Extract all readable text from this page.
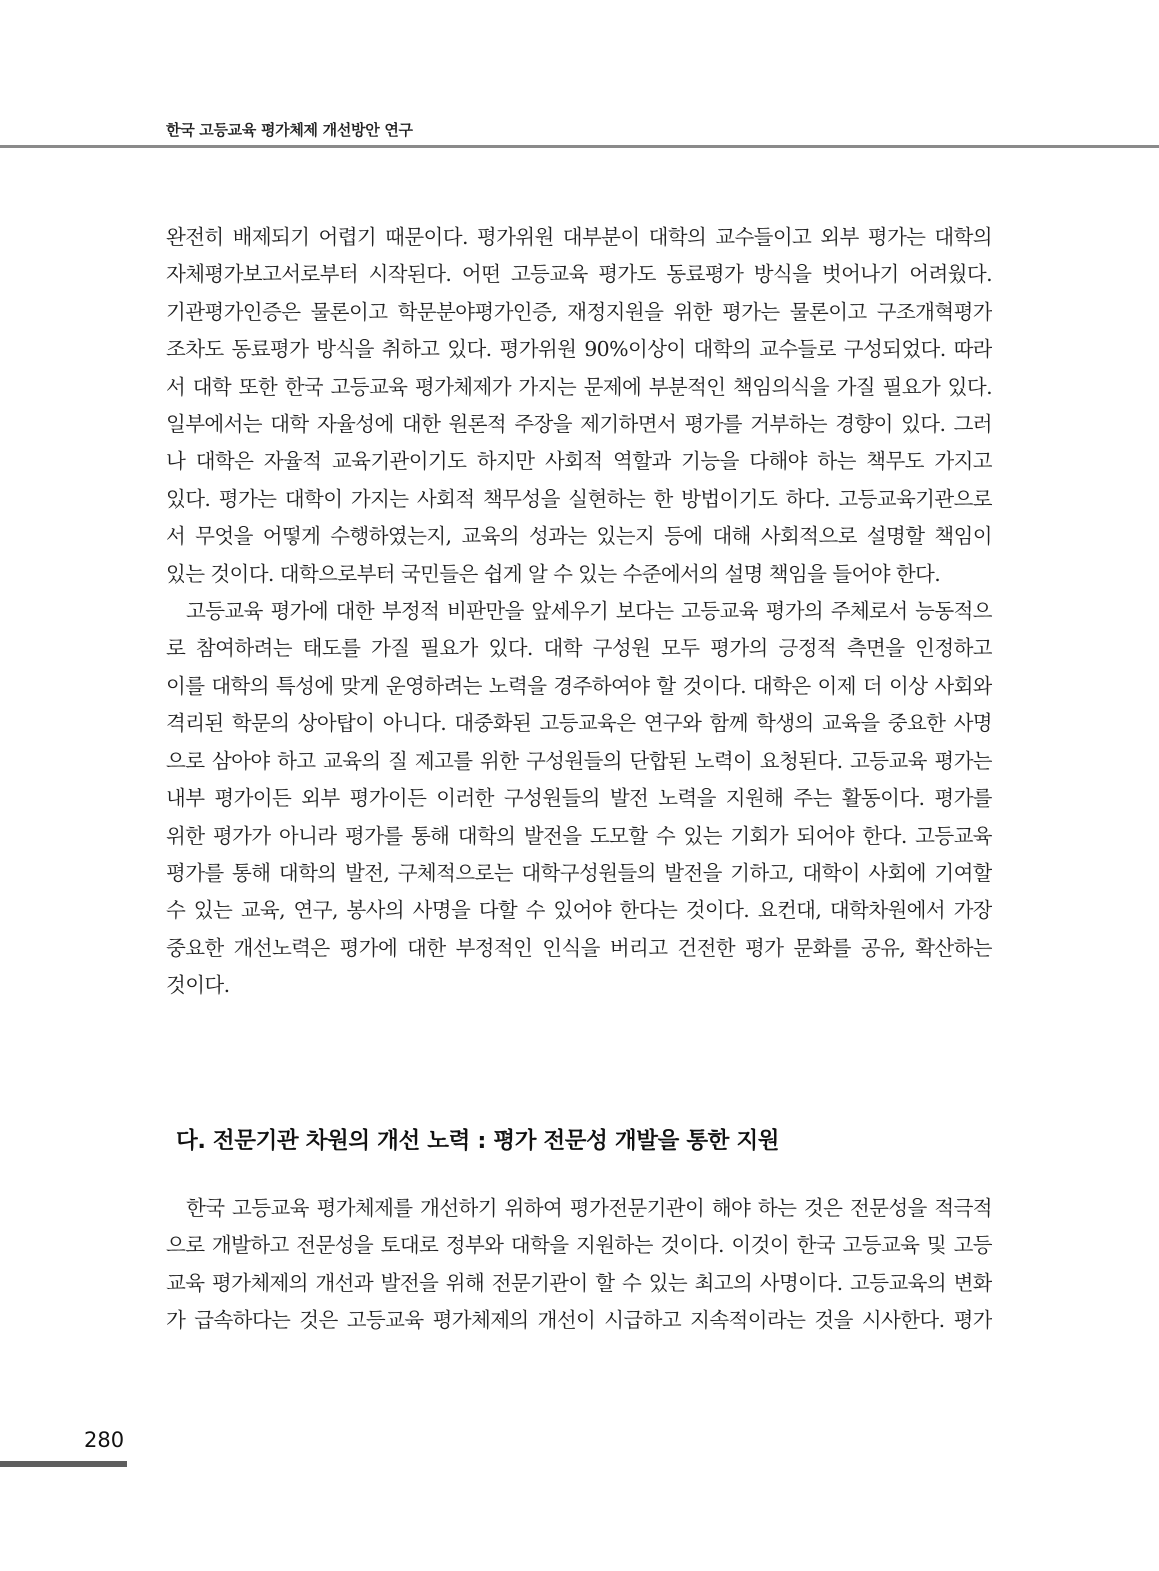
한국 고등교육 평가체제 개선방안 연구
완전히 배제되기 어렵기 때문이다. 평가위원 대부분이 대학의 교수들이고 외부 평가는 대학의
자체평가보고서로부터 시작된다. 어떤 고등교육 평가도 동료평가 방식을 벗어나기 어려웠다.
기관평가인증은 물론이고 학문분야평가인증, 재정지원을 위한 평가는 물론이고 구조개혁평가
조차도 동료평가 방식을 취하고 있다. 평가위원 90%이상이 대학의 교수들로 구성되었다. 따라
서 대학 또한 한국 고등교육 평가체제가 가지는 문제에 부분적인 책임의식을 가질 필요가 있다.
일부에서는 대학 자율성에 대한 원론적 주장을 제기하면서 평가를 거부하는 경향이 있다. 그러
나 대학은 자율적 교육기관이기도 하지만 사회적 역할과 기능을 다해야 하는 책무도 가지고
있다. 평가는 대학이 가지는 사회적 책무성을 실현하는 한 방법이기도 하다. 고등교육기관으로
서 무엇을 어떻게 수행하였는지, 교육의 성과는 있는지 등에 대해 사회적으로 설명할 책임이
있는 것이다. 대학으로부터 국민들은 쉽게 알 수 있는 수준에서의 설명 책임을 들어야 한다.
고등교육 평가에 대한 부정적 비판만을 앞세우기 보다는 고등교육 평가의 주체로서 능동적으
로 참여하려는 태도를 가질 필요가 있다. 대학 구성원 모두 평가의 긍정적 측면을 인정하고
이를 대학의 특성에 맞게 운영하려는 노력을 경주하여야 할 것이다. 대학은 이제 더 이상 사회와
격리된 학문의 상아탑이 아니다. 대중화된 고등교육은 연구와 함께 학생의 교육을 중요한 사명
으로 삼아야 하고 교육의 질 제고를 위한 구성원들의 단합된 노력이 요청된다. 고등교육 평가는
내부 평가이든 외부 평가이든 이러한 구성원들의 발전 노력을 지원해 주는 활동이다. 평가를
위한 평가가 아니라 평가를 통해 대학의 발전을 도모할 수 있는 기회가 되어야 한다. 고등교육
평가를 통해 대학의 발전, 구체적으로는 대학구성원들의 발전을 기하고, 대학이 사회에 기여할
수 있는 교육, 연구, 봉사의 사명을 다할 수 있어야 한다는 것이다. 요컨대, 대학차원에서 가장
중요한 개선노력은 평가에 대한 부정적인 인식을 버리고 건전한 평가 문화를 공유, 확산하는
것이다.
다. 전문기관 차원의 개선 노력 : 평가 전문성 개발을 통한 지원
한국 고등교육 평가체제를 개선하기 위하여 평가전문기관이 해야 하는 것은 전문성을 적극적
으로 개발하고 전문성을 토대로 정부와 대학을 지원하는 것이다. 이것이 한국 고등교육 및 고등
교육 평가체제의 개선과 발전을 위해 전문기관이 할 수 있는 최고의 사명이다. 고등교육의 변화
가 급속하다는 것은 고등교육 평가체제의 개선이 시급하고 지속적이라는 것을 시사한다. 평가
280
